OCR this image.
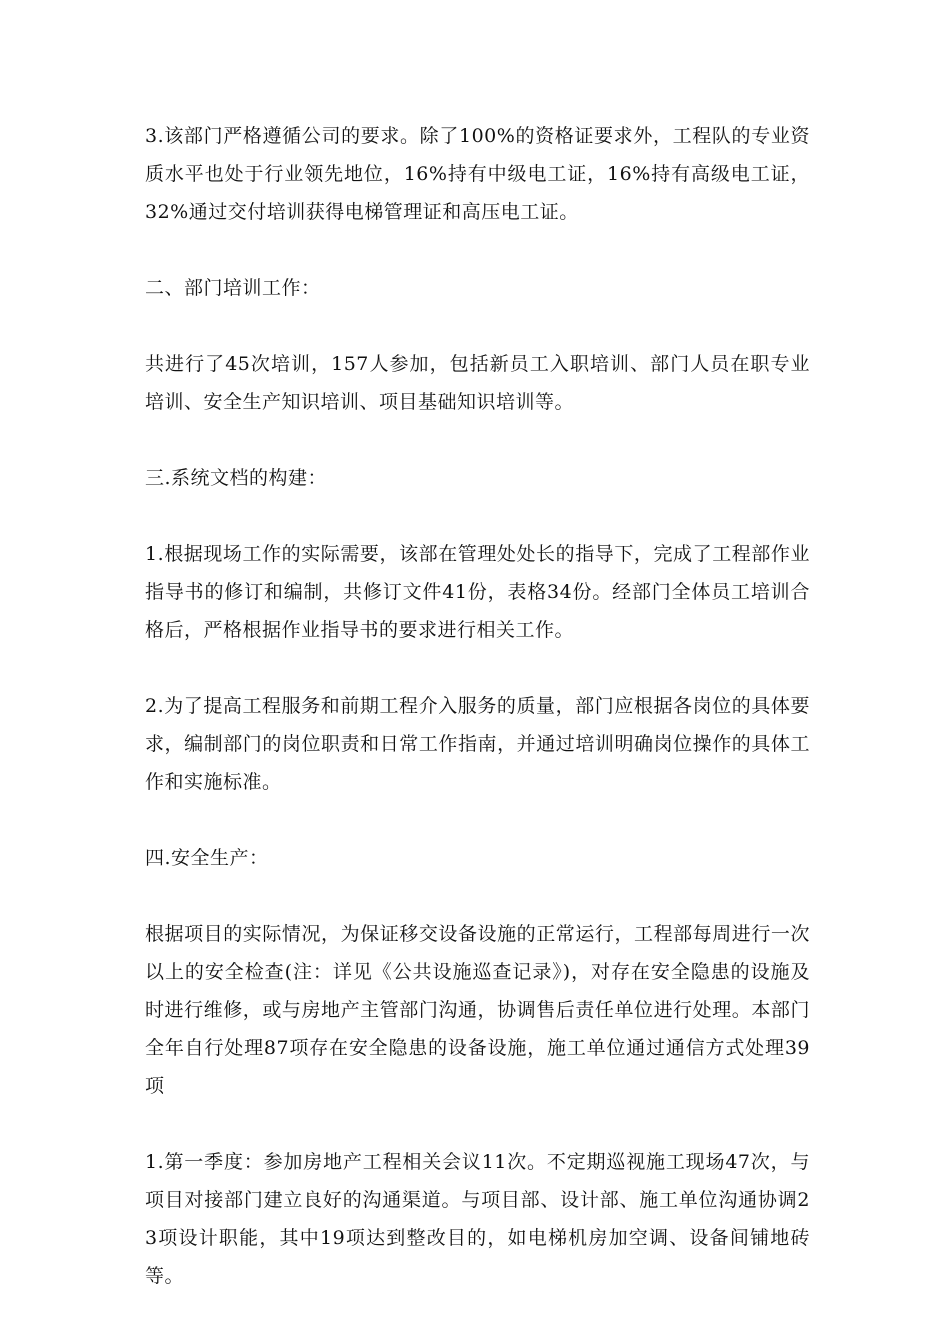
3.该部门严格遵循公司的要求。除了100%的资格证要求外，工程队的专业资质水平也处于行业领先地位，16%持有中级电工证，16%持有高级电工证，32%通过交付培训获得电梯管理证和高压电工证。

二、部门培训工作：

共进行了45次培训，157人参加，包括新员工入职培训、部门人员在职专业培训、安全生产知识培训、项目基础知识培训等。

三.系统文档的构建：

1.根据现场工作的实际需要，该部在管理处处长的指导下，完成了工程部作业指导书的修订和编制，共修订文件41份，表格34份。经部门全体员工培训合格后，严格根据作业指导书的要求进行相关工作。

2.为了提高工程服务和前期工程介入服务的质量，部门应根据各岗位的具体要求，编制部门的岗位职责和日常工作指南，并通过培训明确岗位操作的具体工作和实施标准。

四.安全生产：

根据项目的实际情况，为保证移交设备设施的正常运行，工程部每周进行一次以上的安全检查(注：详见《公共设施巡查记录》)，对存在安全隐患的设施及时进行维修，或与房地产主管部门沟通，协调售后责任单位进行处理。本部门全年自行处理87项存在安全隐患的设备设施，施工单位通过通信方式处理39项

1.第一季度：参加房地产工程相关会议11次。不定期巡视施工现场47次，与项目对接部门建立良好的沟通渠道。与项目部、设计部、施工单位沟通协调23项设计职能，其中19项达到整改目的，如电梯机房加空调、设备间铺地砖等。
